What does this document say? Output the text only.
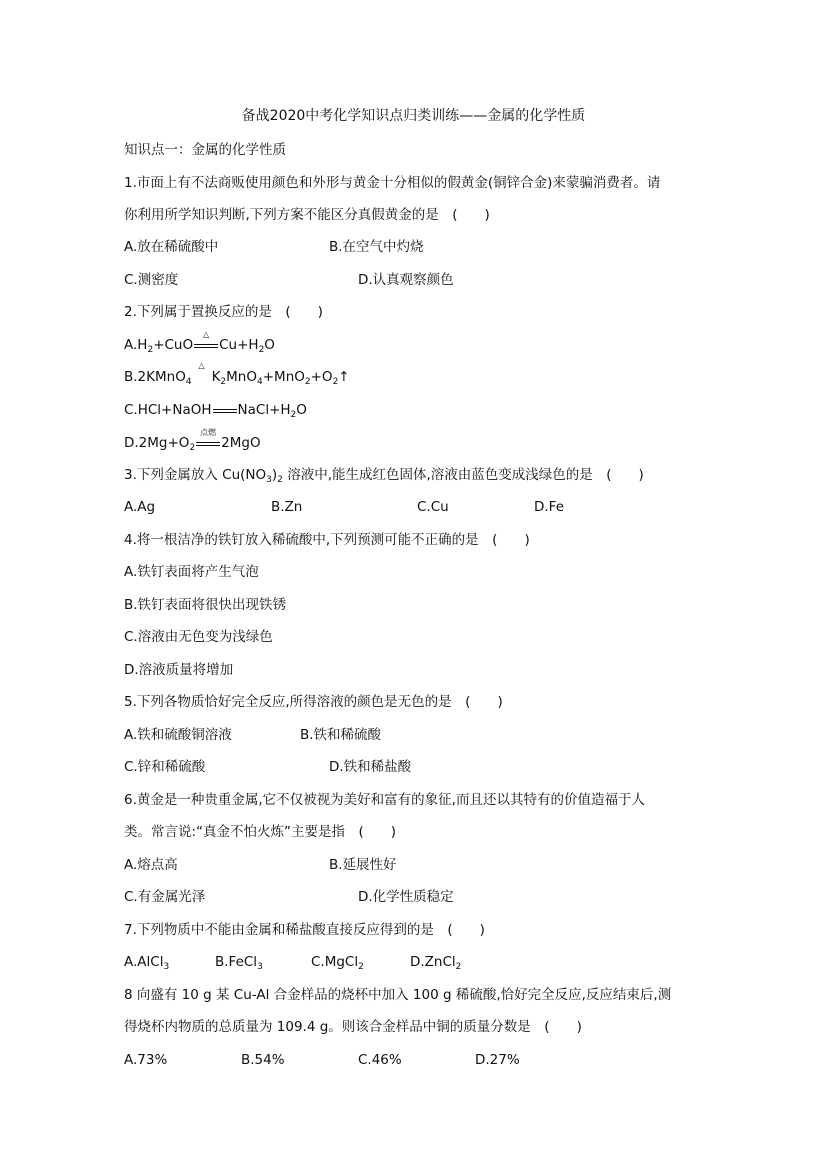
备战2020中考化学知识点归类训练——金属的化学性质
知识点一：金属的化学性质
1.市面上有不法商贩使用颜色和外形与黄金十分相似的假黄金(铜锌合金)来蒙骗消费者。请
你利用所学知识判断,下列方案不能区分真假黄金的是　(　　)
A.放在稀硫酸中	B.在空气中灼烧
C.测密度	D.认真观察颜色
2.下列属于置换反应的是　(　　)
$A.H_2+CuO$
△
$Cu+H_2O$
B.2KMnO$_4$
△
$K_2MnO_4+MnO_2+O_2↑$
C.HCl+NaOH $NaCl+H_2O$
$D.2Mg+O_2$
点燃
2MgO
3.下列金属放入 $Cu(NO_3)_2$ 溶液中,能生成红色固体,溶液由蓝色变成浅绿色的是　(　　)
A.Ag	B.Zn	C.Cu	D.Fe
4.将一根洁净的铁钉放入稀硫酸中,下列预测可能不正确的是　(　　)
A.铁钉表面将产生气泡
B.铁钉表面将很快出现铁锈
C.溶液由无色变为浅绿色
D.溶液质量将增加
5.下列各物质恰好完全反应,所得溶液的颜色是无色的是　(　　)
A.铁和硫酸铜溶液	B.铁和稀硫酸
C.锌和稀硫酸	D.铁和稀盐酸
6.黄金是一种贵重金属,它不仅被视为美好和富有的象征,而且还以其特有的价值造福于人
类。常言说:“真金不怕火炼”主要是指　(　　)
A.熔点高	B.延展性好
C.有金属光泽	D.化学性质稳定
7.下列物质中不能由金属和稀盐酸直接反应得到的是　(　　)
A.AlCl$_3$	B.FeCl$_3$	C.MgCl$_2$	D.ZnCl$_2$
8 向盛有 10 g 某 Cu-Al 合金样品的烧杯中加入 100 g 稀硫酸,恰好完全反应,反应结束后,测
得烧杯内物质的总质量为 109.4 g。则该合金样品中铜的质量分数是　(　　)
A.73%	B.54%	C.46%	D.27%
